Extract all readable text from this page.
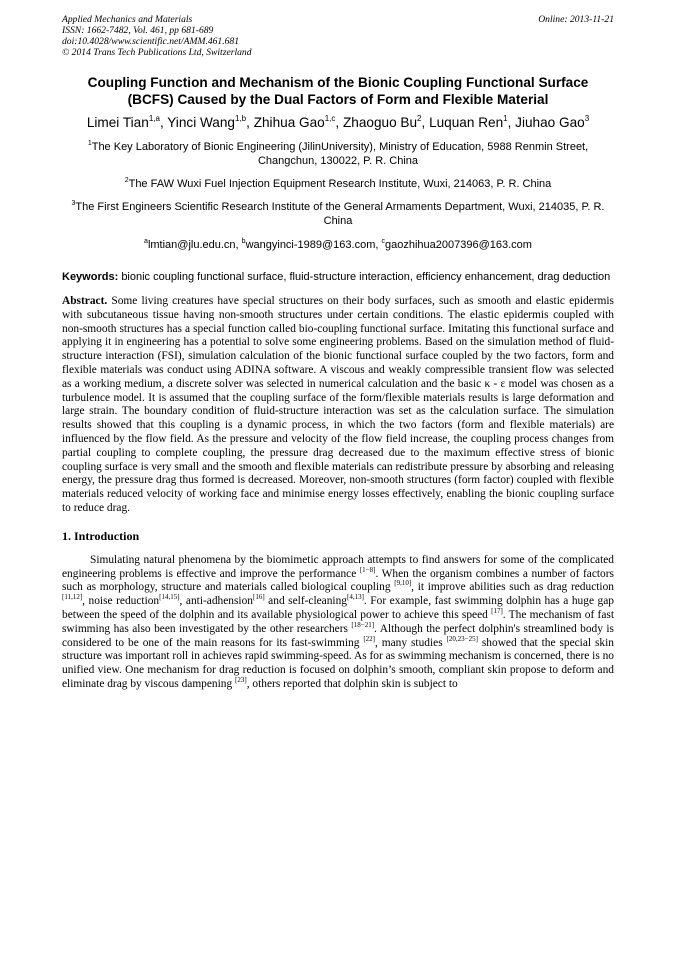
Applied Mechanics and Materials
ISSN: 1662-7482, Vol. 461, pp 681-689
doi:10.4028/www.scientific.net/AMM.461.681
© 2014 Trans Tech Publications Ltd, Switzerland
Online: 2013-11-21
Coupling Function and Mechanism of the Bionic Coupling Functional Surface (BCFS) Caused by the Dual Factors of Form and Flexible Material
Limei Tian$^{1,a}$, Yinci Wang$^{1,b}$, Zhihua Gao$^{1,c}$, Zhaoguo Bu$^2$, Luquan Ren$^1$, Jiuhao Gao$^3$
$^1$The Key Laboratory of Bionic Engineering (JilinUniversity), Ministry of Education, 5988 Renmin Street, Changchun, 130022, P. R. China
$^2$The FAW Wuxi Fuel Injection Equipment Research Institute, Wuxi, 214063, P. R. China
$^3$The First Engineers Scientific Research Institute of the General Armaments Department, Wuxi, 214035, P. R. China
$^a$lmtian@jlu.edu.cn, $^b$wangyinci-1989@163.com, $^c$gaozhihua2007396@163.com
Keywords: bionic coupling functional surface, fluid-structure interaction, efficiency enhancement, drag deduction
Abstract. Some living creatures have special structures on their body surfaces, such as smooth and elastic epidermis with subcutaneous tissue having non-smooth structures under certain conditions. The elastic epidermis coupled with non-smooth structures has a special function called bio-coupling functional surface. Imitating this functional surface and applying it in engineering has a potential to solve some engineering problems. Based on the simulation method of fluid-structure interaction (FSI), simulation calculation of the bionic functional surface coupled by the two factors, form and flexible materials was conduct using ADINA software. A viscous and weakly compressible transient flow was selected as a working medium, a discrete solver was selected in numerical calculation and the basic κ - ε model was chosen as a turbulence model. It is assumed that the coupling surface of the form/flexible materials results is large deformation and large strain. The boundary condition of fluid-structure interaction was set as the calculation surface. The simulation results showed that this coupling is a dynamic process, in which the two factors (form and flexible materials) are influenced by the flow field. As the pressure and velocity of the flow field increase, the coupling process changes from partial coupling to complete coupling, the pressure drag decreased due to the maximum effective stress of bionic coupling surface is very small and the smooth and flexible materials can redistribute pressure by absorbing and releasing energy, the pressure drag thus formed is decreased. Moreover, non-smooth structures (form factor) coupled with flexible materials reduced velocity of working face and minimise energy losses effectively, enabling the bionic coupling surface to reduce drag.
1. Introduction
Simulating natural phenomena by the biomimetic approach attempts to find answers for some of the complicated engineering problems is effective and improve the performance [1−8]. When the organism combines a number of factors such as morphology, structure and materials called biological coupling [9,10], it improve abilities such as drag reduction [11,12], noise reduction[14,15], anti-adhension[16] and self-cleaning[4,13]. For example, fast swimming dolphin has a huge gap between the speed of the dolphin and its available physiological power to achieve this speed [17]. The mechanism of fast swimming has also been investigated by the other researchers [18−21]. Although the perfect dolphin's streamlined body is considered to be one of the main reasons for its fast-swimming [22], many studies [20,23−25] showed that the special skin structure was important roll in achieves rapid swimming-speed. As for as swimming mechanism is concerned, there is no unified view. One mechanism for drag reduction is focused on dolphin’s smooth, compliant skin propose to deform and eliminate drag by viscous dampening [23], others reported that dolphin skin is subject to
